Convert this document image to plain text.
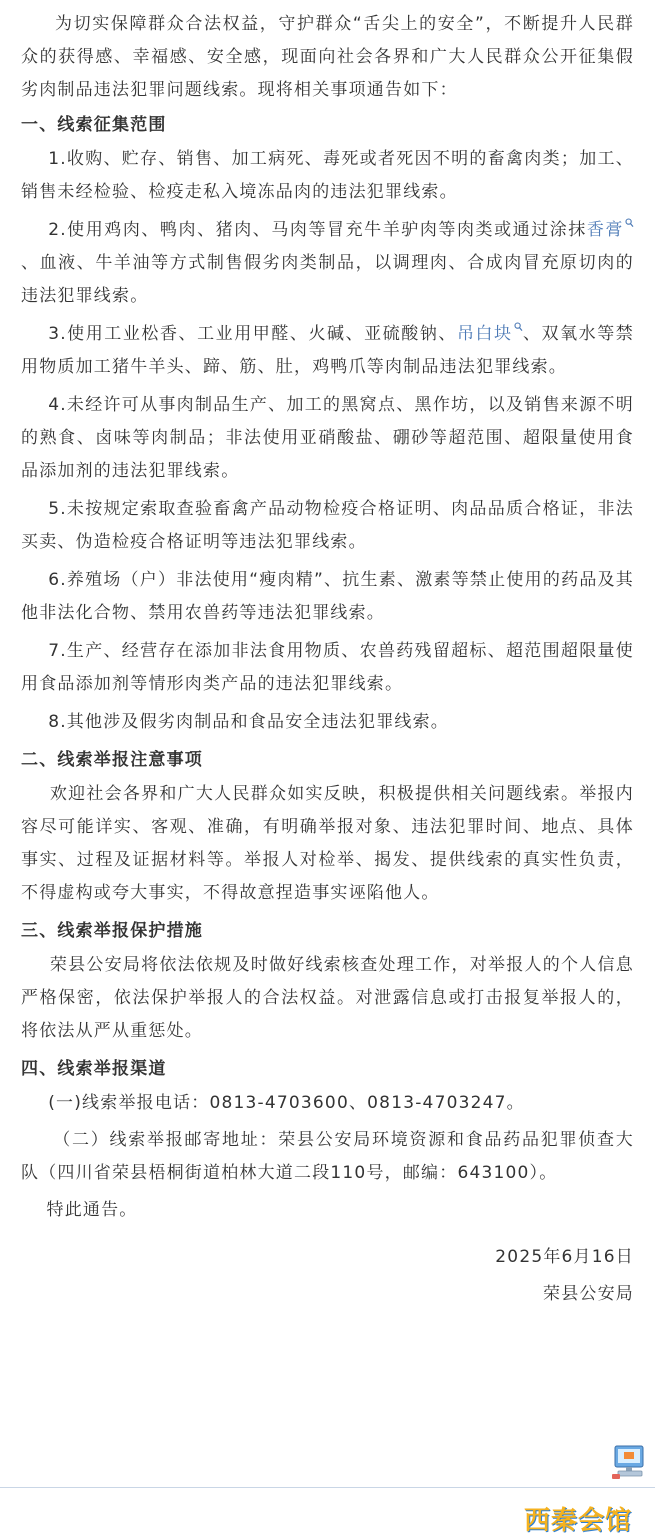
为切实保障群众合法权益，守护群众“舌尖上的安全”，不断提升人民群众的获得感、幸福感、安全感，现面向社会各界和广大人民群众公开征集假劣肉制品违法犯罪问题线索。现将相关事项通告如下：

一、线索征集范围

1.收购、贮存、销售、加工病死、毒死或者死因不明的畜禽肉类；加工、销售未经检验、检疫走私入境冻品肉的违法犯罪线索。

2.使用鸡肉、鸭肉、猪肉、马肉等冒充牛羊驴肉等肉类或通过涂抹香膏
、血液、牛羊油等方式制售假劣肉类制品，以调理肉、合成肉冒充原切肉的违法犯罪线索。

3.使用工业松香、工业用甲醛、火碱、亚硫酸钠、吊白块 、双氧水等禁用物质加工猪牛羊头、蹄、筋、肚，鸡鸭爪等肉制品违法犯罪线索。

4.未经许可从事肉制品生产、加工的黑窝点、黑作坊，以及销售来源不明的熟食、卤味等肉制品；非法使用亚硝酸盐、硼砂等超范围、超限量使用食品添加剂的违法犯罪线索。

5.未按规定索取查验畜禽产品动物检疫合格证明、肉品品质合格证，非法买卖、伪造检疫合格证明等违法犯罪线索。

6.养殖场（户）非法使用“瘦肉精”、抗生素、激素等禁止使用的药品及其他非法化合物、禁用农兽药等违法犯罪线索。

7.生产、经营存在添加非法食用物质、农兽药残留超标、超范围超限量使用食品添加剂等情形肉类产品的违法犯罪线索。

8.其他涉及假劣肉制品和食品安全违法犯罪线索。

二、线索举报注意事项

欢迎社会各界和广大人民群众如实反映，积极提供相关问题线索。举报内容尽可能详实、客观、准确，有明确举报对象、违法犯罪时间、地点、具体事实、过程及证据材料等。举报人对检举、揭发、提供线索的真实性负责，不得虚构或夸大事实，不得故意捏造事实诬陷他人。

三、线索举报保护措施

荣县公安局将依法依规及时做好线索核查处理工作，对举报人的个人信息严格保密，依法保护举报人的合法权益。对泄露信息或打击报复举报人的，将依法从严从重惩处。

四、线索举报渠道

(一)线索举报电话：0813-4703600、0813-4703247。

（二）线索举报邮寄地址：荣县公安局环境资源和食品药品犯罪侦查大队（四川省荣县梧桐街道柏林大道二段110号，邮编：643100）。

特此通告。

2025年6月16日

荣县公安局

西秦会馆
